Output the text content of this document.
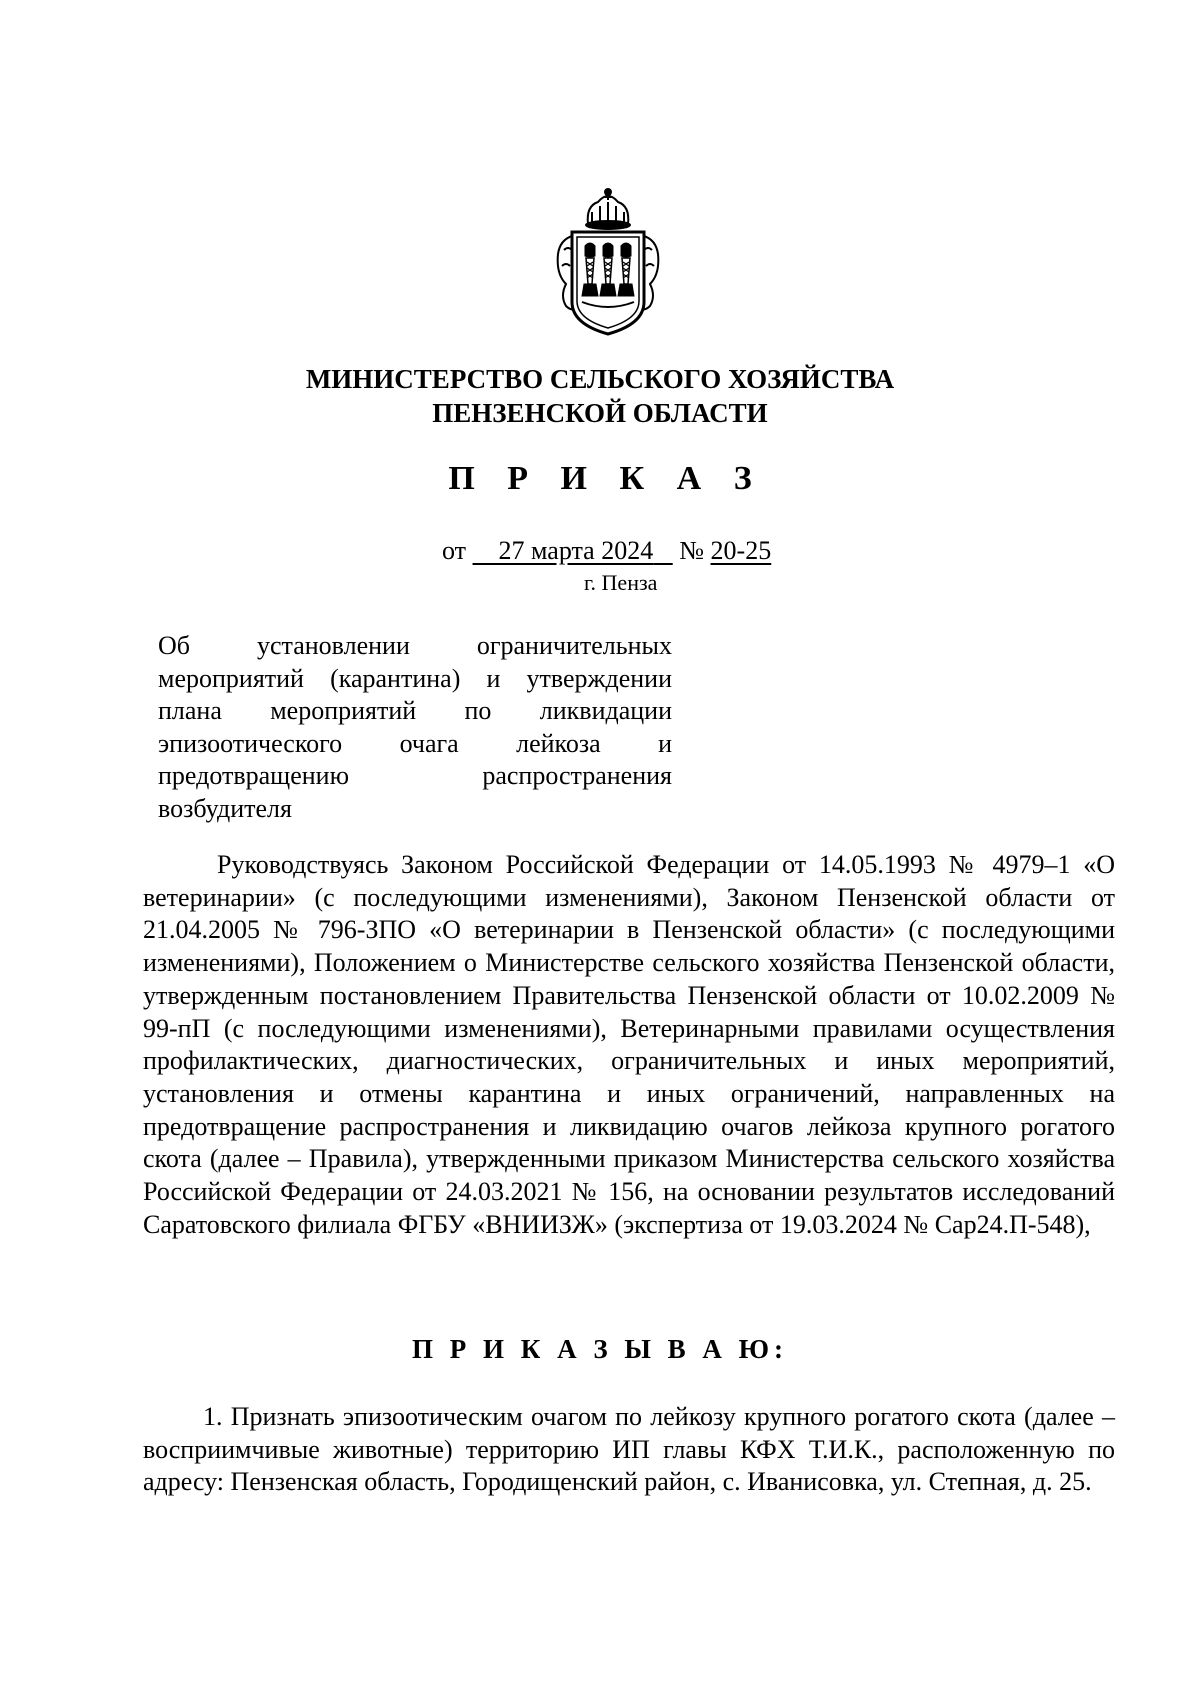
МИНИСТЕРСТВО СЕЛЬСКОГО ХОЗЯЙСТВА
ПЕНЗЕНСКОЙ ОБЛАСТИ
П Р И К А З
от 27 марта 2024 № 20-25
г. Пенза
Об установлении ограничительных мероприятий (карантина) и утверждении плана мероприятий по ликвидации эпизоотического очага лейкоза и предотвращению распространения возбудителя
Руководствуясь Законом Российской Федерации от 14.05.1993 № 4979–1 «О ветеринарии» (с последующими изменениями), Законом Пензенской области от 21.04.2005 № 796-ЗПО «О ветеринарии в Пензенской области» (с последующими изменениями), Положением о Министерстве сельского хозяйства Пензенской области, утвержденным постановлением Правительства Пензенской области от 10.02.2009 № 99-пП (с последующими изменениями), Ветеринарными правилами осуществления профилактических, диагностических, ограничительных и иных мероприятий, установления и отмены карантина и иных ограничений, направленных на предотвращение распространения и ликвидацию очагов лейкоза крупного рогатого скота (далее – Правила), утвержденными приказом Министерства сельского хозяйства Российской Федерации от 24.03.2021 № 156, на основании результатов исследований Саратовского филиала ФГБУ «ВНИИЗЖ» (экспертиза от 19.03.2024 № Сар24.П-548),
П Р И К А З Ы В А Ю:
1. Признать эпизоотическим очагом по лейкозу крупного рогатого скота (далее – восприимчивые животные) территорию ИП главы КФХ Т.И.К., расположенную по адресу: Пензенская область, Городищенский район, с. Иванисовка, ул. Степная, д. 25.
